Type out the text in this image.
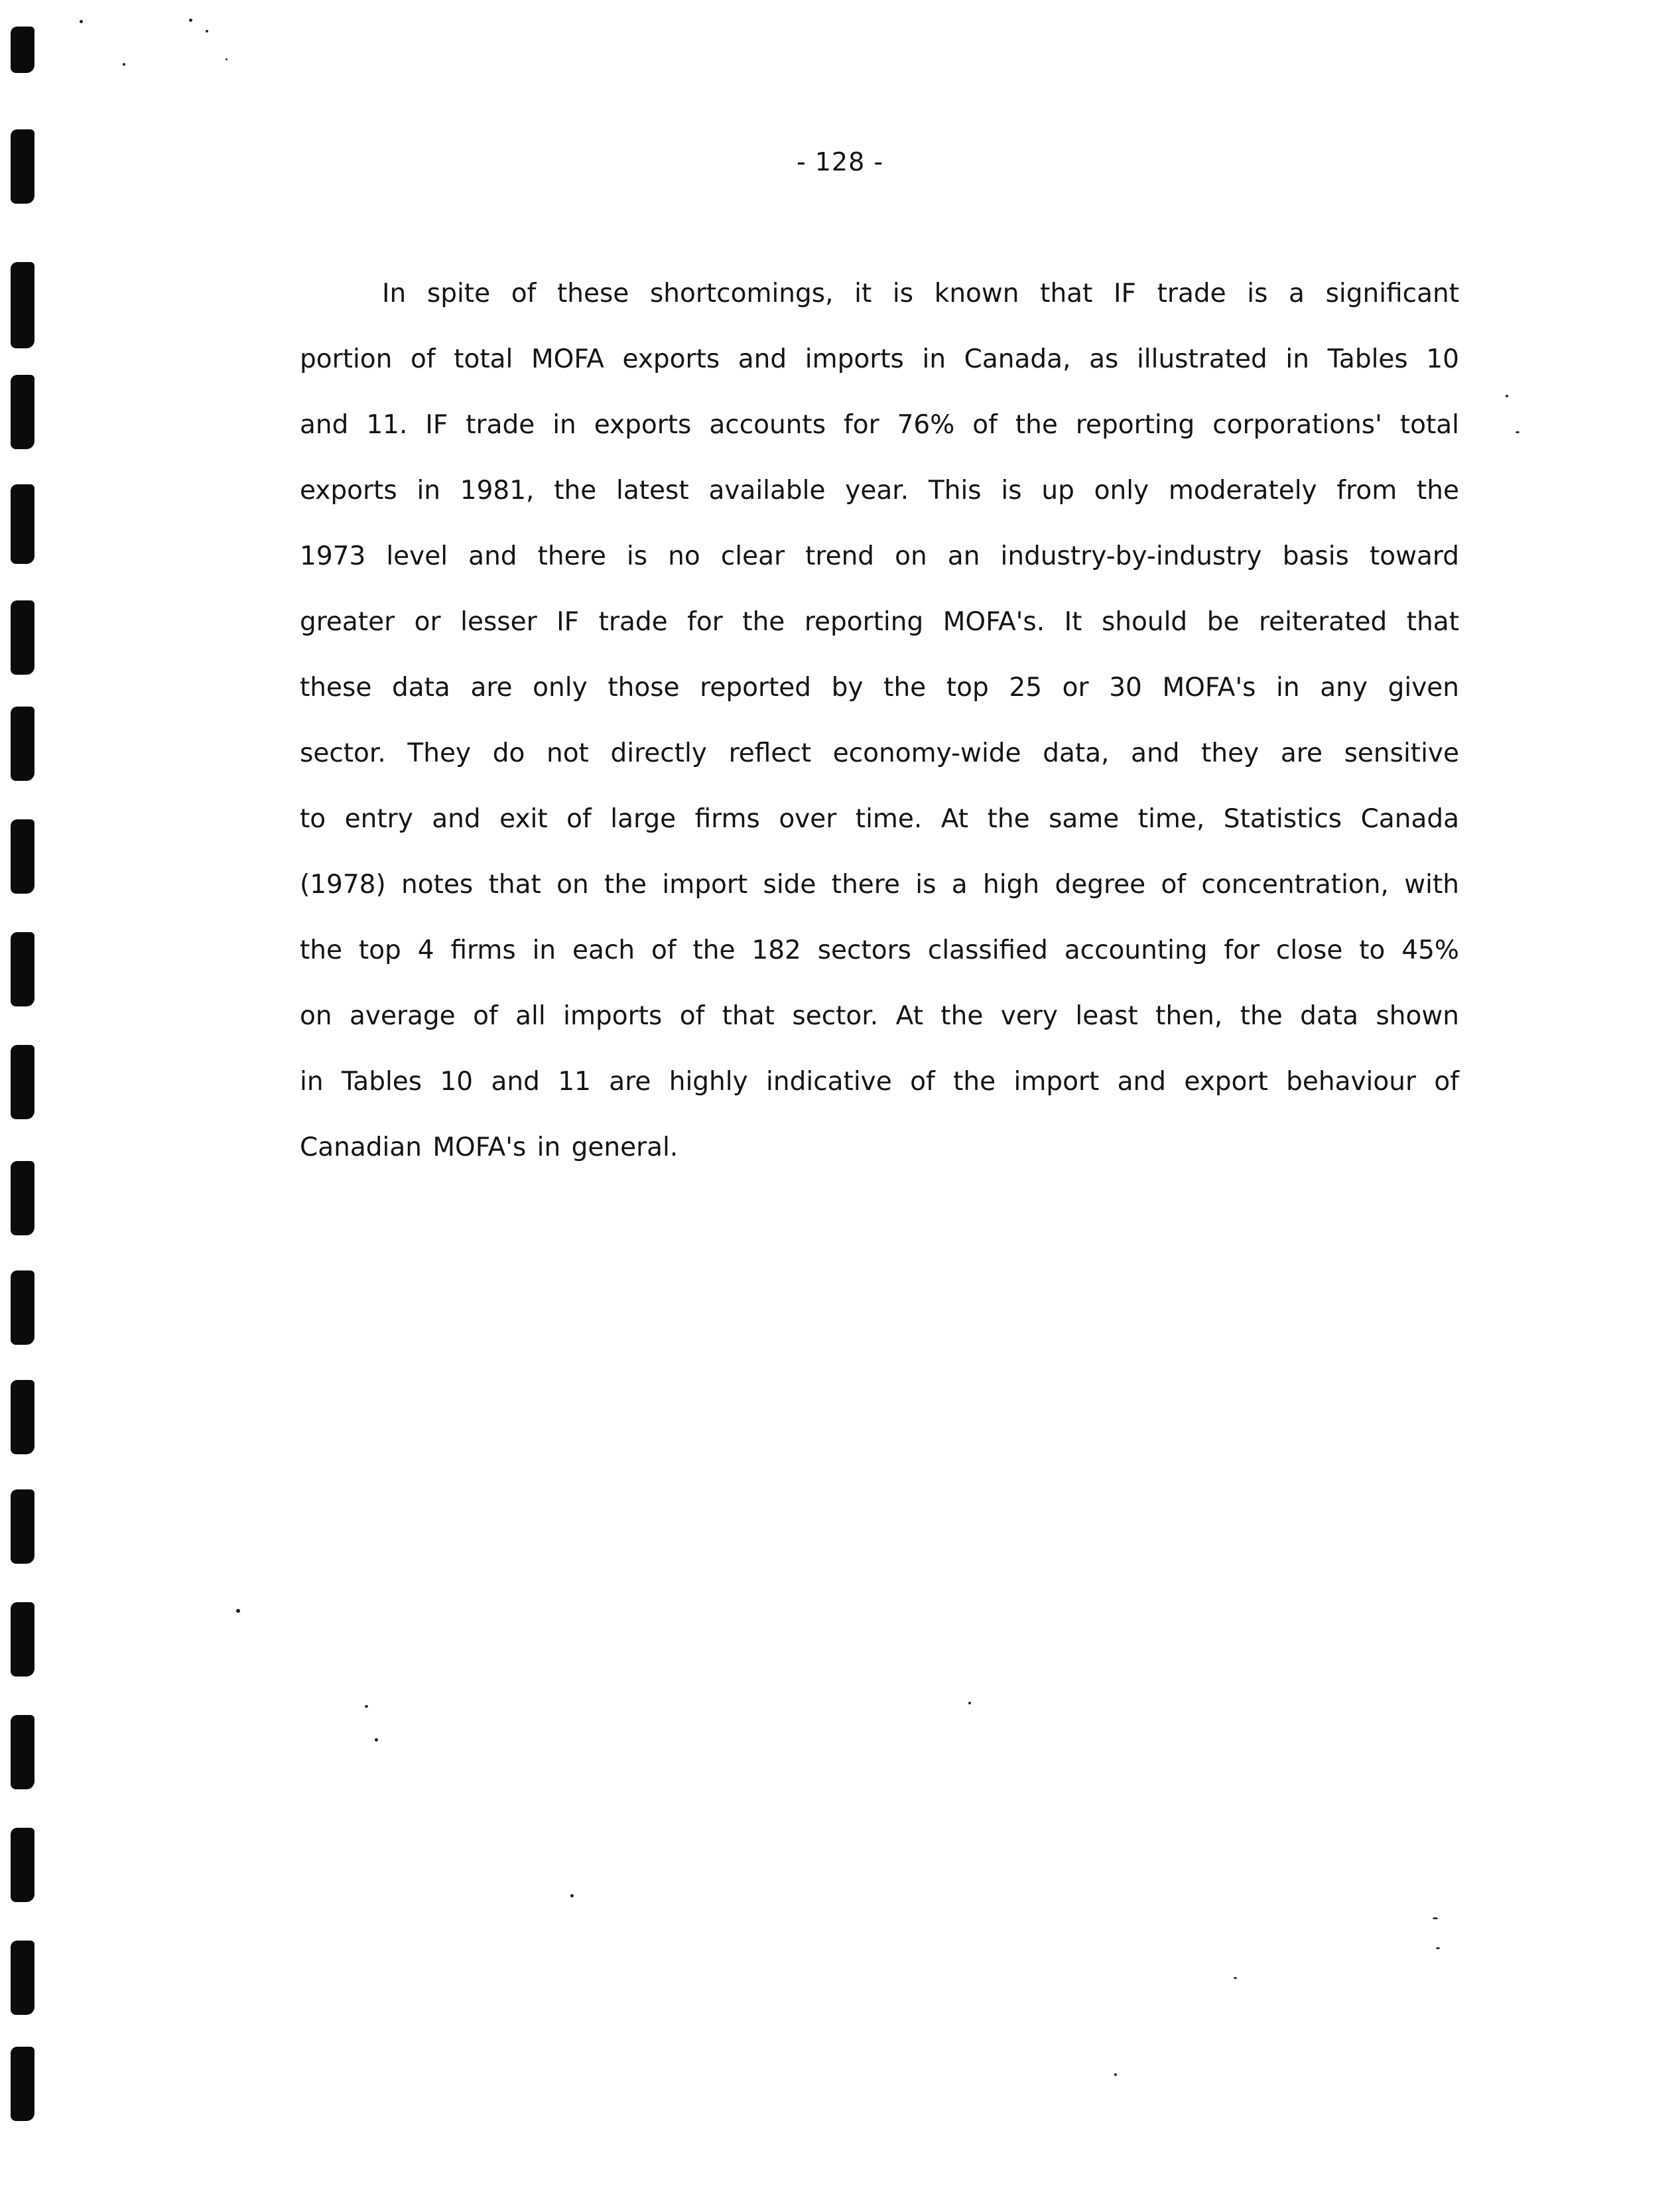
- 128 -
In spite of these shortcomings, it is known that IF trade is a significant
portion of total MOFA exports and imports in Canada, as illustrated in Tables 10
and 11. IF trade in exports accounts for 76% of the reporting corporations' total
exports in 1981, the latest available year. This is up only moderately from the
1973 level and there is no clear trend on an industry-by-industry basis toward
greater or lesser IF trade for the reporting MOFA's. It should be reiterated that
these data are only those reported by the top 25 or 30 MOFA's in any given
sector. They do not directly reflect economy-wide data, and they are sensitive
to entry and exit of large firms over time. At the same time, Statistics Canada
(1978) notes that on the import side there is a high degree of concentration, with
the top 4 firms in each of the 182 sectors classified accounting for close to 45%
on average of all imports of that sector. At the very least then, the data shown
in Tables 10 and 11 are highly indicative of the import and export behaviour of
Canadian MOFA's in general.
